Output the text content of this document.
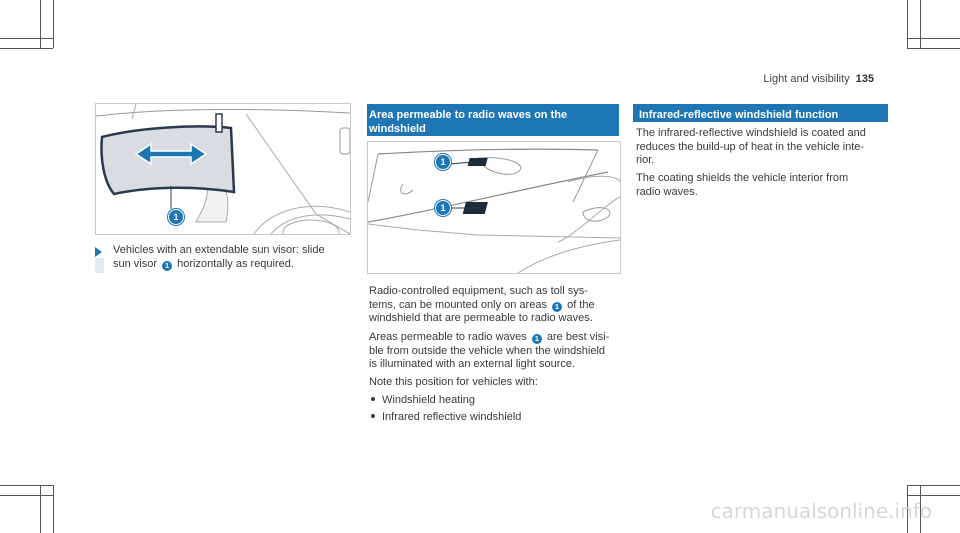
Light and visibility 135
1
Vehicles with an extendable sun visor: slide
sun visor 1 horizontally as required.
Area permeable to radio waves on the
windshield
1
1
Radio-controlled equipment, such as toll sys-
tems, can be mounted only on areas 1 of the
windshield that are permeable to radio waves.
Areas permeable to radio waves 1 are best visi-
ble from outside the vehicle when the windshield
is illuminated with an external light source.
Note this position for vehicles with:
Windshield heating
Infrared reflective windshield
Infrared-reflective windshield function
The infrared-reflective windshield is coated and
reduces the build-up of heat in the vehicle inte-
rior.
The coating shields the vehicle interior from
radio waves.
carmanualsonline.info
